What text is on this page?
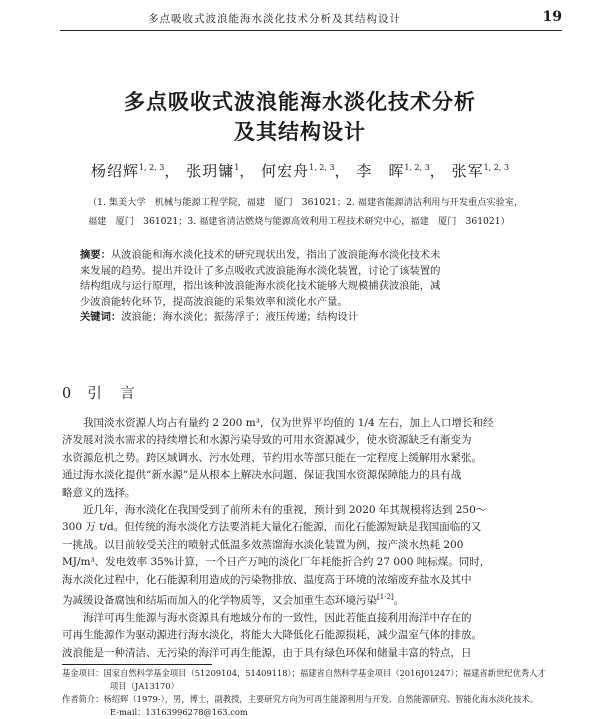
多点吸收式波浪能海水淡化技术分析及其结构设计	19
多点吸收式波浪能海水淡化技术分析
及其结构设计
杨绍辉$^{1, 2, 3}$， 张玥镛$^1$， 何宏舟$^{1, 2, 3}$， 李　晖$^{1, 2, 3}$， 张军$^{1, 2, 3}$
（1. 集美大学　机械与能源工程学院，福建　厦门　361021；2. 福建省能源清洁利用与开发重点实验室，
福建　厦门　361021；3. 福建省清洁燃烧与能源高效利用工程技术研究中心，福建　厦门　361021）
摘要：从波浪能和海水淡化技术的研究现状出发，指出了波浪能海水淡化技术未
来发展的趋势。提出并设计了多点吸收式波浪能海水淡化装置，讨论了该装置的
结构组成与运行原理，指出该种波浪能海水淡化技术能够大规模捕获波浪能，减
少波浪能转化环节，提高波浪能的采集效率和淡化水产量。
关键词：波浪能；海水淡化；振荡浮子；液压传递；结构设计
0 引　言
我国淡水资源人均占有量约 2 200 m³，仅为世界平均值的 1/4 左右，加上人口增长和经
济发展对淡水需求的持续增长和水源污染导致的可用水资源减少，使水资源缺乏有渐变为
水资源危机之势。跨区域调水、污水处理、节约用水等部只能在一定程度上缓解用水紧张。
通过海水淡化提供“新水源”是从根本上解决水问题、保证我国水资源保障能力的具有战
略意义的选择。
近几年，海水淡化在我国受到了前所未有的重视，预计到 2020 年其规模将达到 250～
300 万 t/d。但传统的海水淡化方法要消耗大量化石能源，而化石能源短缺是我国面临的又
一挑战。以目前较受关注的喷射式低温多效蒸馏海水淡化装置为例，按产淡水热耗 200
MJ/m³、发电效率 35%计算，一个日产万吨的淡化厂年耗能折合约 27 000 吨标煤。同时，
海水淡化过程中，化石能源利用造成的污染物排放、温度高于环境的浓缩废弃盐水及其中
为减缓设备腐蚀和结垢而加入的化学物质等，又会加重生态环境污染[1-2]。
海洋可再生能源与海水资源具有地域分布的一致性，因此若能直接利用海洋中存在的
可再生能源作为驱动源进行海水淡化，将能大大降低化石能源损耗，减少温室气体的排放。
波浪能是一种清洁、无污染的海洋可再生能源，由于具有绿色环保和储量丰富的特点，日
基金项目：国家自然科学基金项目（51209104，51409118）；福建省自然科学基金项目（2016J01247）；福建省新世纪优秀人才
项目（JA13170）
作者简介：杨绍辉（1979-），男，博士，副教授，主要研究方向为可再生能源利用与开发、自然能源研究、智能化海水淡化技术。
E-mail：13163996278@163.com
